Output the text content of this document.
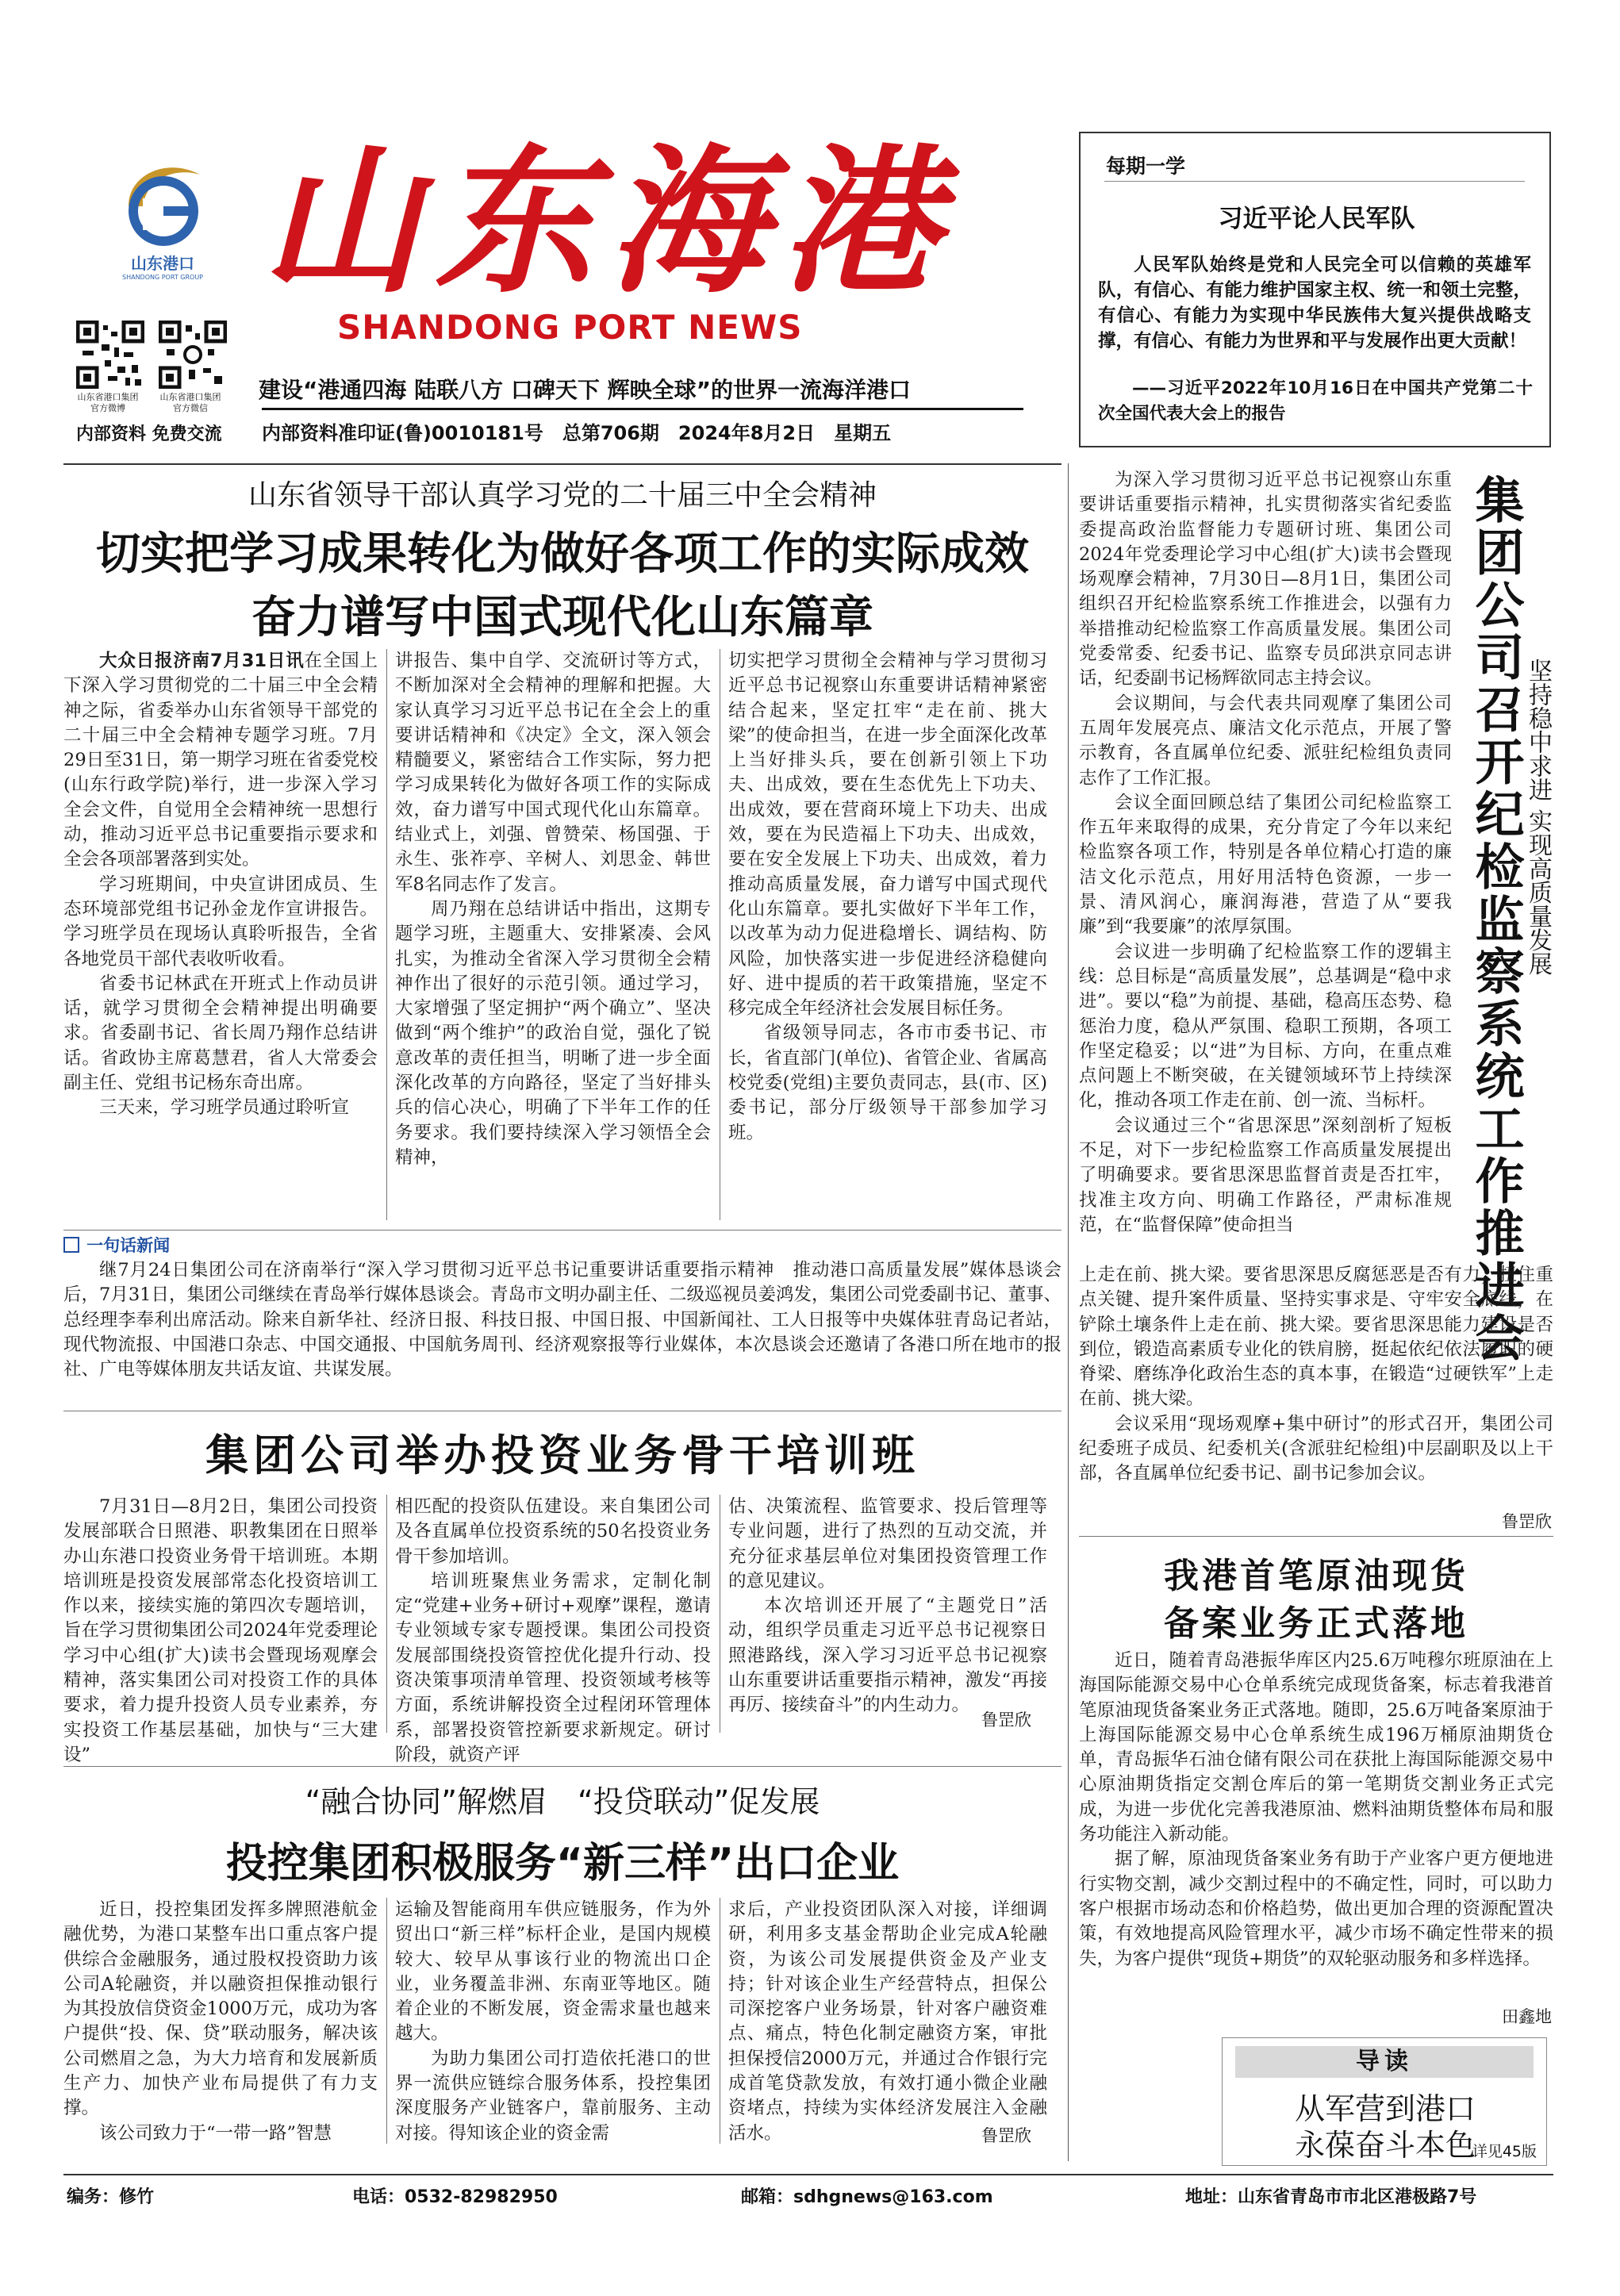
山东港口
SHANDONG PORT GROUP 山东海港
SHANDONG PORT NEWS
山东省港口集团官方微博
山东省港口集团官方微信
内部资料 免费交流
建设“港通四海 陆联八方 口碑天下 辉映全球”的世界一流海洋港口
内部资料准印证(鲁)0010181号　总第706期　2024年8月2日　星期五
每期一学
习近平论人民军队
人民军队始终是党和人民完全可以信赖的英雄军队，有信心、有能力维护国家主权、统一和领土完整，有信心、有能力为实现中华民族伟大复兴提供战略支撑，有信心、有能力为世界和平与发展作出更大贡献！
——习近平2022年10月16日在中国共产党第二十次全国代表大会上的报告
山东省领导干部认真学习党的二十届三中全会精神
切实把学习成果转化为做好各项工作的实际成效
奋力谱写中国式现代化山东篇章

大众日报济南7月31日讯在全国上下深入学习贯彻党的二十届三中全会精神之际，省委举办山东省领导干部党的二十届三中全会精神专题学习班。7月29日至31日，第一期学习班在省委党校(山东行政学院)举行，进一步深入学习全会文件，自觉用全会精神统一思想行动，推动习近平总书记重要指示要求和全会各项部署落到实处。

学习班期间，中央宣讲团成员、生态环境部党组书记孙金龙作宣讲报告。学习班学员在现场认真聆听报告，全省各地党员干部代表收听收看。

省委书记林武在开班式上作动员讲话，就学习贯彻全会精神提出明确要求。省委副书记、省长周乃翔作总结讲话。省政协主席葛慧君，省人大常委会副主任、党组书记杨东奇出席。

三天来，学习班学员通过聆听宣

讲报告、集中自学、交流研讨等方式，不断加深对全会精神的理解和把握。大家认真学习习近平总书记在全会上的重要讲话精神和《决定》全文，深入领会精髓要义，紧密结合工作实际，努力把学习成果转化为做好各项工作的实际成效，奋力谱写中国式现代化山东篇章。结业式上，刘强、曾赞荣、杨国强、于永生、张祚亭、辛树人、刘思金、韩世军8名同志作了发言。

周乃翔在总结讲话中指出，这期专题学习班，主题重大、安排紧凑、会风扎实，为推动全省深入学习贯彻全会精神作出了很好的示范引领。通过学习，大家增强了坚定拥护“两个确立”、坚决做到“两个维护”的政治自觉，强化了锐意改革的责任担当，明晰了进一步全面深化改革的方向路径，坚定了当好排头兵的信心决心，明确了下半年工作的任务要求。我们要持续深入学习领悟全会精神，

切实把学习贯彻全会精神与学习贯彻习近平总书记视察山东重要讲话精神紧密结合起来，坚定扛牢“走在前、挑大梁”的使命担当，在进一步全面深化改革上当好排头兵，要在创新引领上下功夫、出成效，要在生态优先上下功夫、出成效，要在营商环境上下功夫、出成效，要在为民造福上下功夫、出成效，要在安全发展上下功夫、出成效，着力推动高质量发展，奋力谱写中国式现代化山东篇章。要扎实做好下半年工作，以改革为动力促进稳增长、调结构、防风险，加快落实进一步促进经济稳健向好、进中提质的若干政策措施，坚定不移完成全年经济社会发展目标任务。

省级领导同志，各市市委书记、市长，省直部门(单位)、省管企业、省属高校党委(党组)主要负责同志，县(市、区)委书记，部分厅级领导干部参加学习班。

一句话新闻

继7月24日集团公司在济南举行“深入学习贯彻习近平总书记重要讲话重要指示精神　推动港口高质量发展”媒体恳谈会后，7月31日，集团公司继续在青岛举行媒体恳谈会。青岛市文明办副主任、二级巡视员姜鸿发，集团公司党委副书记、董事、总经理李奉利出席活动。除来自新华社、经济日报、科技日报、中国日报、中国新闻社、工人日报等中央媒体驻青岛记者站，现代物流报、中国港口杂志、中国交通报、中国航务周刊、经济观察报等行业媒体，本次恳谈会还邀请了各港口所在地市的报社、广电等媒体朋友共话友谊、共谋发展。

集团公司举办投资业务骨干培训班

7月31日—8月2日，集团公司投资发展部联合日照港、职教集团在日照举办山东港口投资业务骨干培训班。本期培训班是投资发展部常态化投资培训工作以来，接续实施的第四次专题培训，旨在学习贯彻集团公司2024年党委理论学习中心组(扩大)读书会暨现场观摩会精神，落实集团公司对投资工作的具体要求，着力提升投资人员专业素养，夯实投资工作基层基础，加快与“三大建设”

相匹配的投资队伍建设。来自集团公司及各直属单位投资系统的50名投资业务骨干参加培训。

培训班聚焦业务需求，定制化制定“党建+业务+研讨+观摩”课程，邀请专业领域专家专题授课。集团公司投资发展部围绕投资管控优化提升行动、投资决策事项清单管理、投资领域考核等方面，系统讲解投资全过程闭环管理体系，部署投资管控新要求新规定。研讨阶段，就资产评

估、决策流程、监管要求、投后管理等专业问题，进行了热烈的互动交流，并充分征求基层单位对集团投资管理工作的意见建议。

本次培训还开展了“主题党日”活动，组织学员重走习近平总书记视察日照港路线，深入学习习近平总书记视察山东重要讲话重要指示精神，激发“再接再厉、接续奋斗”的内生动力。

鲁罡欣
“融合协同”解燃眉　“投贷联动”促发展
投控集团积极服务“新三样”出口企业

近日，投控集团发挥多牌照港航金融优势，为港口某整车出口重点客户提供综合金融服务，通过股权投资助力该公司A轮融资，并以融资担保推动银行为其投放信贷资金1000万元，成功为客户提供“投、保、贷”联动服务，解决该公司燃眉之急，为大力培育和发展新质生产力、加快产业布局提供了有力支撑。

该公司致力于“一带一路”智慧

运输及智能商用车供应链服务，作为外贸出口“新三样”标杆企业，是国内规模较大、较早从事该行业的物流出口企业，业务覆盖非洲、东南亚等地区。随着企业的不断发展，资金需求量也越来越大。

为助力集团公司打造依托港口的世界一流供应链综合服务体系，投控集团深度服务产业链客户，靠前服务、主动对接。得知该企业的资金需

求后，产业投资团队深入对接，详细调研，利用多支基金帮助企业完成A轮融资，为该公司发展提供资金及产业支持；针对该企业生产经营特点，担保公司深挖客户业务场景，针对客户融资难点、痛点，特色化制定融资方案，审批担保授信2000万元，并通过合作银行完成首笔贷款发放，有效打通小微企业融资堵点，持续为实体经济发展注入金融活水。	鲁罡欣

为深入学习贯彻习近平总书记视察山东重要讲话重要指示精神，扎实贯彻落实省纪委监委提高政治监督能力专题研讨班、集团公司2024年党委理论学习中心组(扩大)读书会暨现场观摩会精神，7月30日—8月1日，集团公司组织召开纪检监察系统工作推进会，以强有力举措推动纪检监察工作高质量发展。集团公司党委常委、纪委书记、监察专员邱洪京同志讲话，纪委副书记杨辉欲同志主持会议。

会议期间，与会代表共同观摩了集团公司五周年发展亮点、廉洁文化示范点，开展了警示教育，各直属单位纪委、派驻纪检组负责同志作了工作汇报。

会议全面回顾总结了集团公司纪检监察工作五年来取得的成果，充分肯定了今年以来纪检监察各项工作，特别是各单位精心打造的廉洁文化示范点，用好用活特色资源，一步一景、清风润心，廉润海港，营造了从“要我廉”到“我要廉”的浓厚氛围。

会议进一步明确了纪检监察工作的逻辑主线：总目标是“高质量发展”，总基调是“稳中求进”。要以“稳”为前提、基础，稳高压态势、稳惩治力度，稳从严氛围、稳职工预期，各项工作坚定稳妥；以“进”为目标、方向，在重点难点问题上不断突破，在关键领域环节上持续深化，推动各项工作走在前、创一流、当标杆。

会议通过三个“省思深思”深刻剖析了短板不足，对下一步纪检监察工作高质量发展提出了明确要求。要省思深思监督首责是否扛牢，找准主攻方向、明确工作路径，严肃标准规范，在“监督保障”使命担当	集团公司召开纪检监察系统工作推进会 坚持稳中求进 实现高质量发展

上走在前、挑大梁。要省思深思反腐惩恶是否有力，扭住重点关键、提升案件质量、坚持实事求是、守牢安全底线，在铲除土壤条件上走在前、挑大梁。要省思深思能力建设是否到位，锻造高素质专业化的铁肩膀，挺起依纪依法履职的硬脊梁、磨练净化政治生态的真本事，在锻造“过硬铁军”上走在前、挑大梁。

会议采用“现场观摩+集中研讨”的形式召开，集团公司纪委班子成员、纪委机关(含派驻纪检组)中层副职及以上干部，各直属单位纪委书记、副书记参加会议。

鲁罡欣
我港首笔原油现货
备案业务正式落地

近日，随着青岛港振华库区内25.6万吨穆尔班原油在上海国际能源交易中心仓单系统完成现货备案，标志着我港首笔原油现货备案业务正式落地。随即，25.6万吨备案原油于上海国际能源交易中心仓单系统生成196万桶原油期货仓单，青岛振华石油仓储有限公司在获批上海国际能源交易中心原油期货指定交割仓库后的第一笔期货交割业务正式完成，为进一步优化完善我港原油、燃料油期货整体布局和服务功能注入新动能。

据了解，原油现货备案业务有助于产业客户更方便地进行实物交割，减少交割过程中的不确定性，同时，可以助力客户根据市场动态和价格趋势，做出更加合理的资源配置决策，有效地提高风险管理水平，减少市场不确定性带来的损失，为客户提供“现货+期货”的双轮驱动服务和多样选择。

田鑫地
导读
从军营到港口
永葆奋斗本色
详见45版
编务：修竹	电话：0532-82982950	邮箱：sdhgnews@163.com	地址：山东省青岛市市北区港极路7号
